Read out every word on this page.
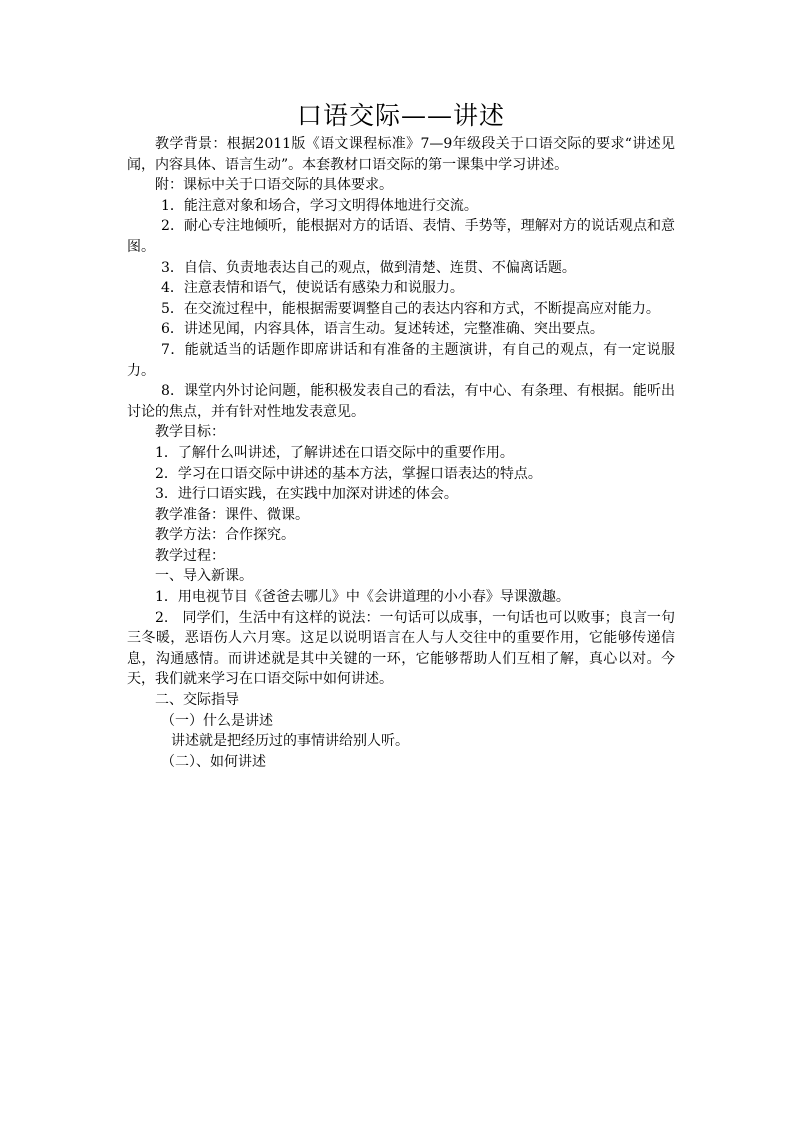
口语交际——讲述

教学背景：根据2011版《语文课程标准》7—9年级段关于口语交际的要求“讲述见闻，内容具体、语言生动”。本套教材口语交际的第一课集中学习讲述。

附：课标中关于口语交际的具体要求。

1．能注意对象和场合，学习文明得体地进行交流。

2．耐心专注地倾听，能根据对方的话语、表情、手势等，理解对方的说话观点和意图。

3．自信、负责地表达自己的观点，做到清楚、连贯、不偏离话题。

4．注意表情和语气，使说话有感染力和说服力。

5．在交流过程中，能根据需要调整自己的表达内容和方式，不断提高应对能力。

6．讲述见闻，内容具体，语言生动。复述转述，完整准确、突出要点。

7．能就适当的话题作即席讲话和有准备的主题演讲，有自己的观点，有一定说服力。

8．课堂内外讨论问题，能积极发表自己的看法，有中心、有条理、有根据。能听出讨论的焦点，并有针对性地发表意见。

教学目标：

1．了解什么叫讲述，了解讲述在口语交际中的重要作用。

2．学习在口语交际中讲述的基本方法，掌握口语表达的特点。

3．进行口语实践，在实践中加深对讲述的体会。

教学准备：课件、微课。

教学方法：合作探究。

教学过程：

一、导入新课。

1．用电视节目《爸爸去哪儿》中《会讲道理的小小春》导课激趣。

2.　同学们，生活中有这样的说法：一句话可以成事，一句话也可以败事；良言一句三冬暖，恶语伤人六月寒。这足以说明语言在人与人交往中的重要作用，它能够传递信息，沟通感情。而讲述就是其中关键的一环，它能够帮助人们互相了解，真心以对。今天，我们就来学习在口语交际中如何讲述。

二、交际指导

（一）什么是讲述

讲述就是把经历过的事情讲给别人听。

（二）、如何讲述
